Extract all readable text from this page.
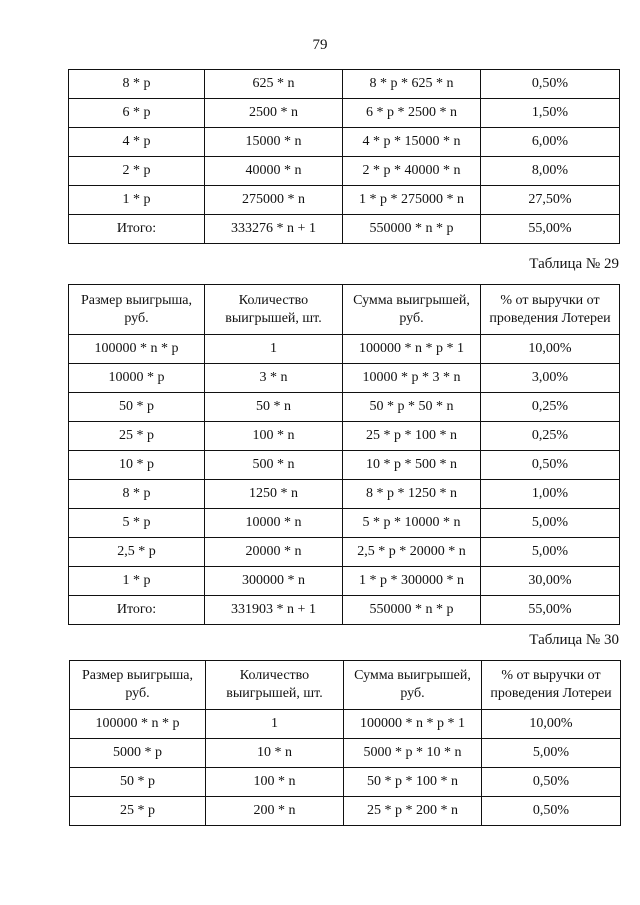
79
8 * p	625 * n	8 * p * 625 * n	0,50%
6 * p	2500 * n	6 * p * 2500 * n	1,50%
4 * p	15000 * n	4 * p * 15000 * n	6,00%
2 * p	40000 * n	2 * p * 40000 * n	8,00%
1 * p	275000 * n	1 * p * 275000 * n	27,50%
Итого:	333276 * n + 1	550000 * n * p	55,00%
Таблица № 29
Размер выигрыша, руб.	Количество выигрышей, шт.	Сумма выигрышей, руб.	% от выручки от проведения Лотереи
100000 * n * p	1	100000 * n * p * 1	10,00%
10000 * p	3 * n	10000 * p * 3 * n	3,00%
50 * p	50 * n	50 * p * 50 * n	0,25%
25 * p	100 * n	25 * p * 100 * n	0,25%
10 * p	500 * n	10 * p * 500 * n	0,50%
8 * p	1250 * n	8 * p * 1250 * n	1,00%
5 * p	10000 * n	5 * p * 10000 * n	5,00%
2,5 * p	20000 * n	2,5 * p * 20000 * n	5,00%
1 * p	300000 * n	1 * p * 300000 * n	30,00%
Итого:	331903 * n + 1	550000 * n * p	55,00%
Таблица № 30
Размер выигрыша, руб.	Количество выигрышей, шт.	Сумма выигрышей, руб.	% от выручки от проведения Лотереи
100000 * n * p	1	100000 * n * p * 1	10,00%
5000 * p	10 * n	5000 * p * 10 * n	5,00%
50 * p	100 * n	50 * p * 100 * n	0,50%
25 * p	200 * n	25 * p * 200 * n	0,50%
